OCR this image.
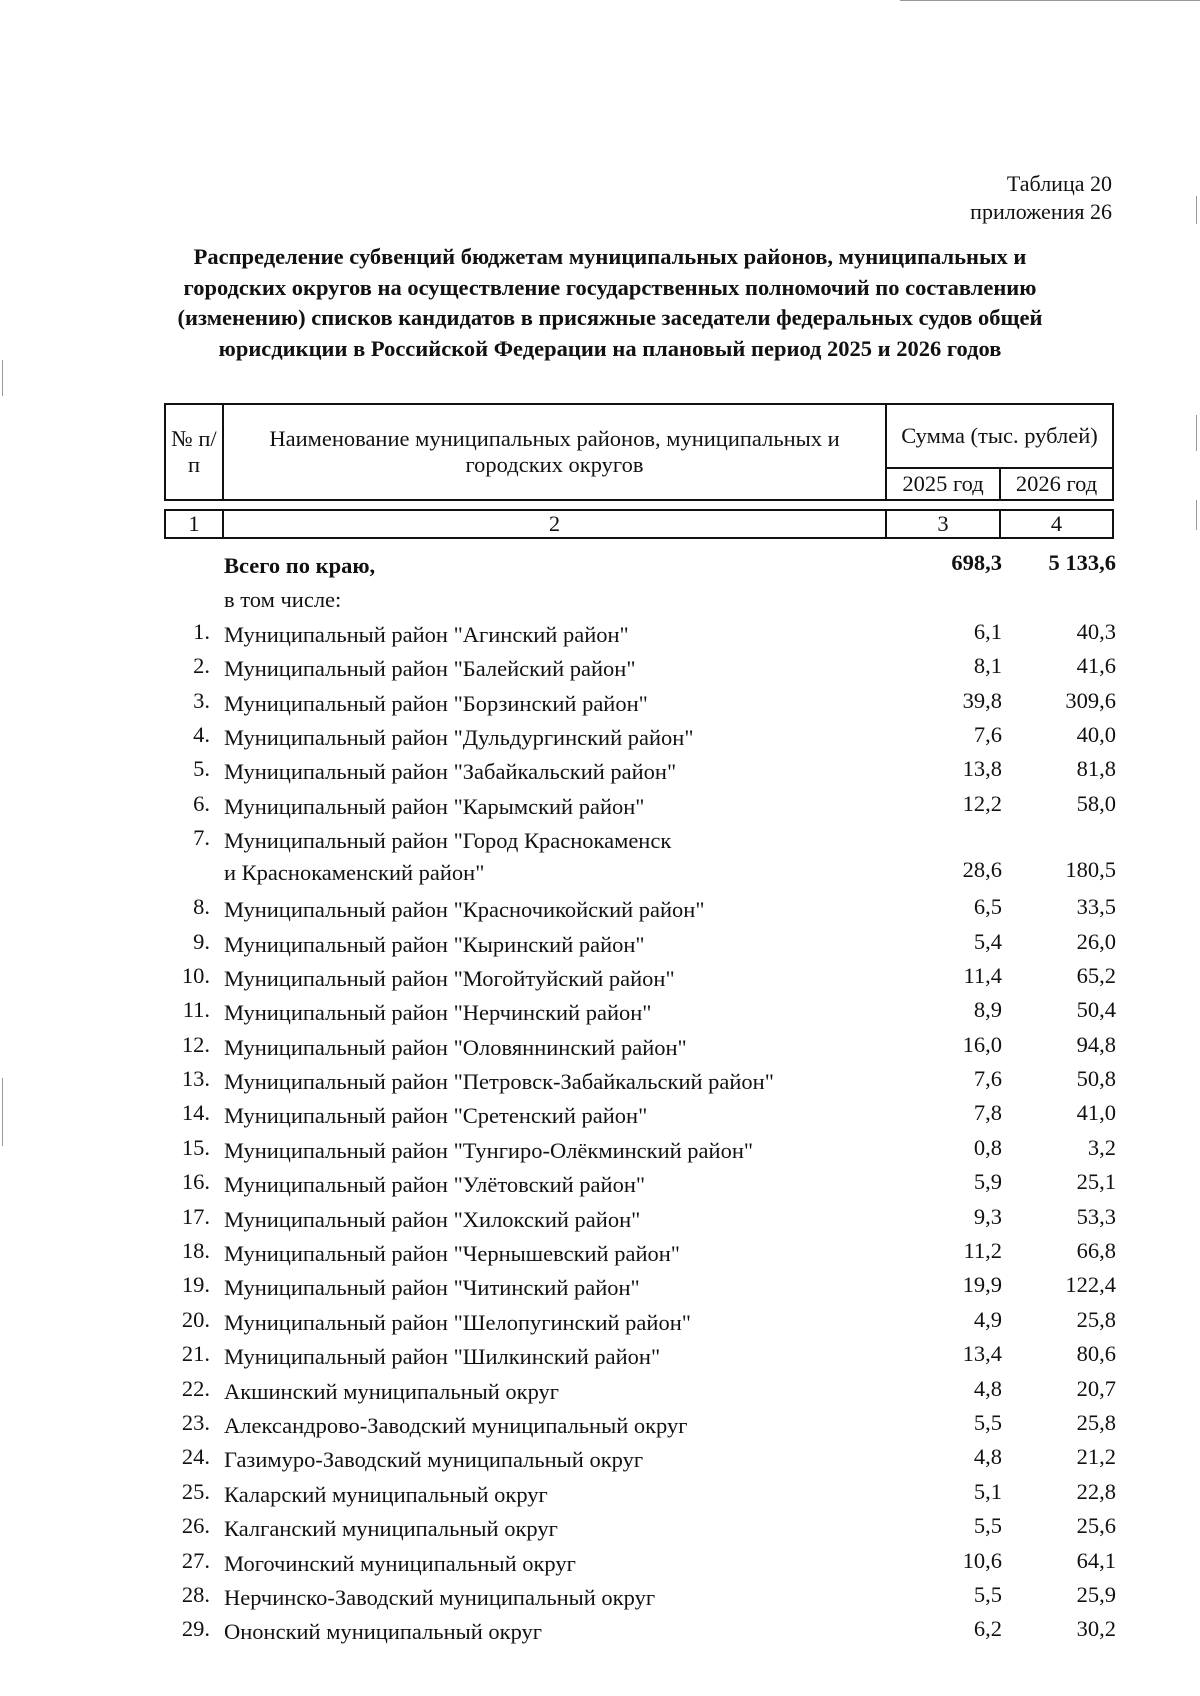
Таблица 20
приложения 26
Распределение субвенций бюджетам муниципальных районов, муниципальных и городских округов на осуществление государственных полномочий по составлению (изменению) списков кандидатов в присяжные заседатели федеральных судов общей юрисдикции в Российской Федерации на плановый период 2025 и 2026 годов
№ п/п	Наименование муниципальных районов, муниципальных и городских округов	Сумма (тыс. рублей)	
		2025 год	2026 год

1	2	3	4
Всего по краю,	698,3	5 133,6
в том числе:
1. Муниципальный район "Агинский район"	6,1	40,3
2. Муниципальный район "Балейский район"	8,1	41,6
3. Муниципальный район "Борзинский район"	39,8	309,6
4. Муниципальный район "Дульдургинский район"	7,6	40,0
5. Муниципальный район "Забайкальский район"	13,8	81,8
6. Муниципальный район "Карымский район"	12,2	58,0
7. Муниципальный район "Город Краснокаменск
и Краснокаменский район"	28,6	180,5
8. Муниципальный район "Красночикойский район"	6,5	33,5
9. Муниципальный район "Кыринский район"	5,4	26,0
10. Муниципальный район "Могойтуйский район"	11,4	65,2
11. Муниципальный район "Нерчинский район"	8,9	50,4
12. Муниципальный район "Оловяннинский район"	16,0	94,8
13. Муниципальный район "Петровск-Забайкальский район"	7,6	50,8
14. Муниципальный район "Сретенский район"	7,8	41,0
15. Муниципальный район "Тунгиро-Олёкминский район"	0,8	3,2
16. Муниципальный район "Улётовский район"	5,9	25,1
17. Муниципальный район "Хилокский район"	9,3	53,3
18. Муниципальный район "Чернышевский район"	11,2	66,8
19. Муниципальный район "Читинский район"	19,9	122,4
20. Муниципальный район "Шелопугинский район"	4,9	25,8
21. Муниципальный район "Шилкинский район"	13,4	80,6
22. Акшинский муниципальный округ	4,8	20,7
23. Александрово-Заводский муниципальный округ	5,5	25,8
24. Газимуро-Заводский муниципальный округ	4,8	21,2
25. Каларский муниципальный округ	5,1	22,8
26. Калганский муниципальный округ	5,5	25,6
27. Могочинский муниципальный округ	10,6	64,1
28. Нерчинско-Заводский муниципальный округ	5,5	25,9
29. Ононский муниципальный округ	6,2	30,2
